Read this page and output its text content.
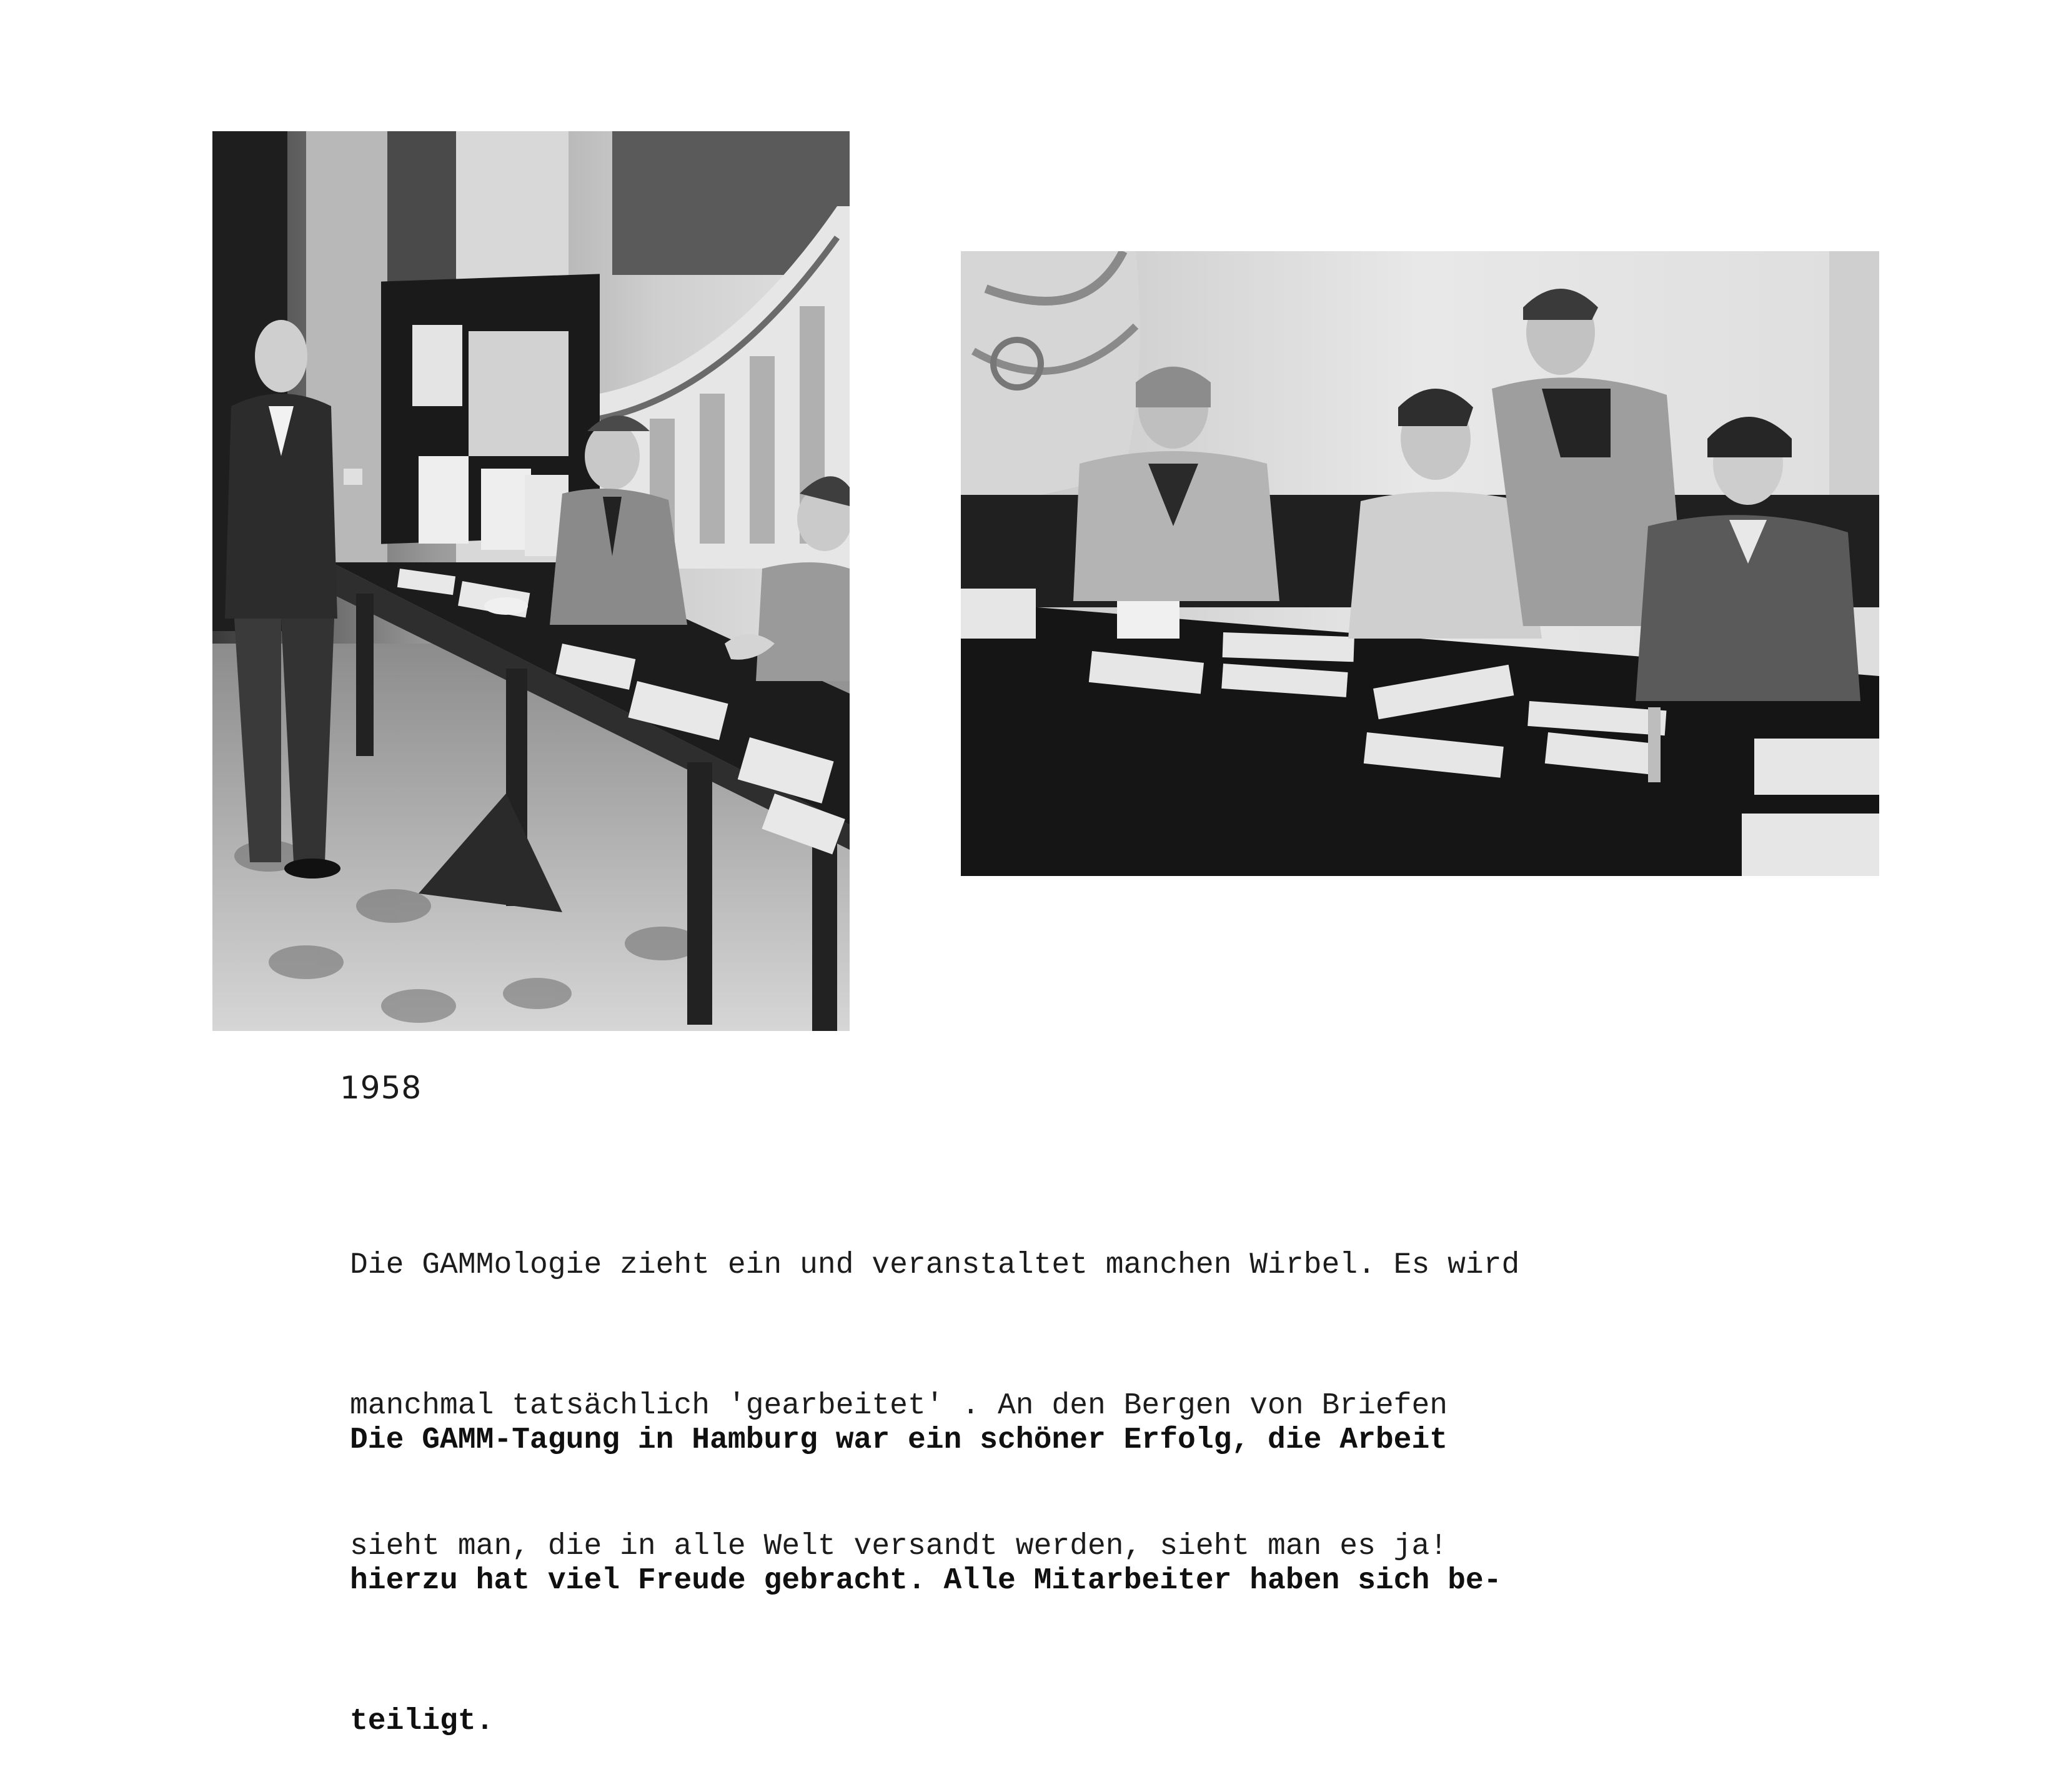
1958

Die GAMMologie zieht ein und veranstaltet manchen Wirbel. Es wird

manchmal tatsächlich 'gearbeitet' . An den Bergen von Briefen

sieht man, die in alle Welt versandt werden, sieht man es ja!

Die GAMM-Tagung in Hamburg war ein schöner Erfolg, die Arbeit

hierzu hat viel Freude gebracht. Alle Mitarbeiter haben sich be-

teiligt.
